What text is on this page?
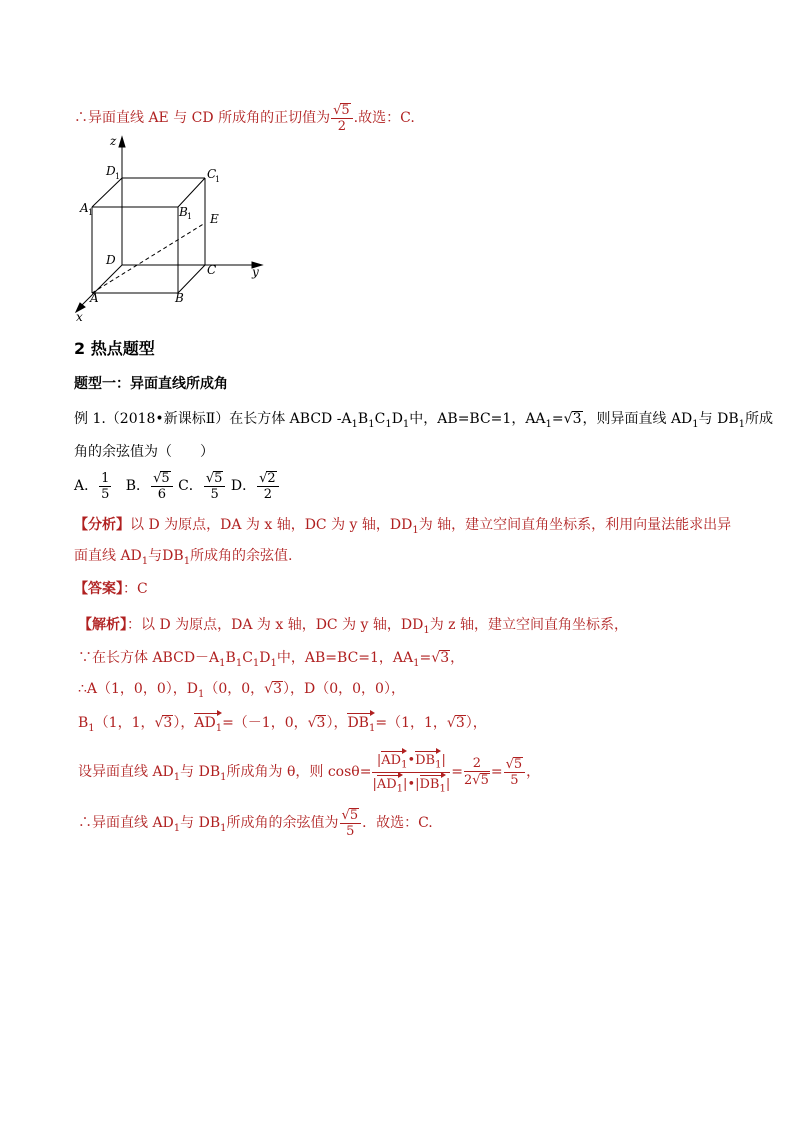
∴异面直线 AE 与 CD 所成角的正切值为 $\frac{√5}{2}$ .故选：C.
z
D 1	C
1
A 1	B 1 E
D
C	y
A	B
x
2 热点题型
题型一：异面直线所成角
例 1.（2018•新课标Ⅱ）在长方体 ABCD $-A_1B_1C_1D_1$中，AB=BC=1，$AA_1=√3$，则异面直线 $AD_1$与 $DB_1$所成
角的余弦值为（　　）
A． $\frac{1}{5}$ B． $\frac{√5}{6}$ C． $\frac{√5}{5}$ D． $\frac{√2}{2}$
【分析】以 D 为原点，DA 为 x 轴，DC 为 y 轴，$DD_1$为 轴，建立空间直角坐标系，利用向量法能求出异
面直线 $AD_1$与$DB_1$所成角的余弦值.
【答案】：C
【解析】：以 D 为原点，DA 为 x 轴，DC 为 y 轴，$DD_1$为 z 轴，建立空间直角坐标系，
∵在长方体 $ABCD-A_1B_1C_1D_1$中，AB=BC=1，$AA_1=√3$，
∴A（1，0，0），$D_1(0$，0，√3），D（0，0，0），
$B_1(1$，1，√3），$AD_1=(-1$，0，√3），$DB_1=(1$，1，√3），
设异面直线 $AD_1$与 $DB_1$所成角为 θ，则 $\cos\theta= \frac{|AD_1•DB_1|}{|AD_1|•|DB_1|} = \frac{2}{2√5} = \frac{√5}{5}$ ，
∴异面直线 $AD_1$与 $DB_1$所成角的余弦值为 $\frac{√5}{5}$ ．故选：C.
